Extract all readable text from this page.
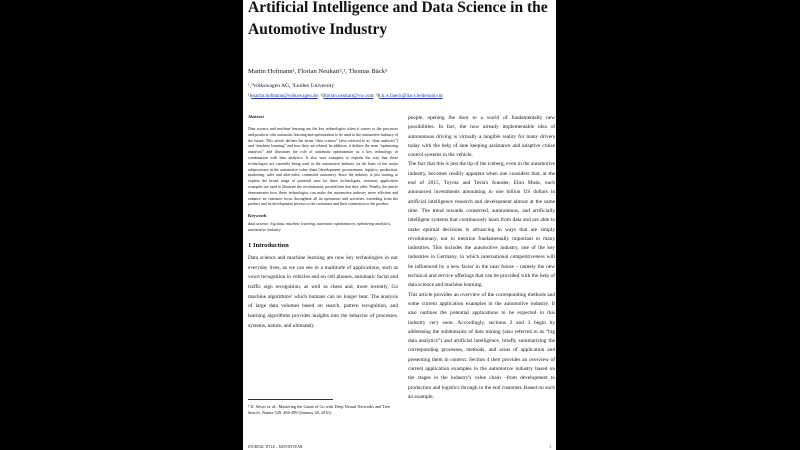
Artificial Intelligence and Data Science in the Automotive Industry
Martin Hofmann¹, Florian Neukart²,³, Thomas Bäck³
¹,²Volkswagen AG, ³Leiden University
¹)martin.hofmann@volkswagen.de; ²)florian.neukart@vw.com; ³)t.h.w.baeck@liacs.leidenuniv.nl
Abstract

Data science and machine learning are the key technologies when it comes to the processes and products with automatic learning and optimization to be used in the automotive industry of the future. This article defines the terms “data science” (also referred to as “data analytics”) and “machine learning” and how they are related. In addition, it defines the term “optimizing analytics” and illustrates the role of automatic optimization as a key technology in combination with data analytics. It also uses examples to explain the way that these technologies are currently being used in the automotive industry on the basis of the major subprocesses in the automotive value chain (development, procurement; logistics, production, marketing, sales and after-sales, connected customer). Since the industry is just starting to explore the broad range of potential uses for these technologies, visionary application examples are used to illustrate the revolutionary possibilities that they offer. Finally, the article demonstrates how these technologies can make the automotive industry more efficient and enhance its customer focus throughout all its operations and activities, extending from the product and its development process to the customers and their connection to the product.

Keywords

data science, big data, machine learning, automatic optimization, optimizing analytics, automotive industry

1 Introduction

Data science and machine learning are now key technologies in our everyday lives, as we can see in a multitude of applications, such as voice recognition in vehicles and on cell phones, automatic facial and traffic sign recognition, as well as chess and, more recently, Go machine algorithms¹ which humans can no longer beat. The analysis of large data volumes based on search, pattern recognition, and learning algorithms provides insights into the behavior of processes, systems, nature, and ultimately

people, opening the door to a world of fundamentally new possibilities. In fact, the now already implementable idea of autonomous driving is virtually a tangible reality for many drivers today with the help of lane keeping assistance and adaptive cruise control systems in the vehicle.

The fact that this is just the tip of the iceberg, even in the automotive industry, becomes readily apparent when one considers that, at the end of 2015, Toyota and Tesla's founder, Elon Musk, each announced investments amounting to one billion US dollars in artificial intelligence research and development almost at the same time. The trend towards connected, autonomous, and artificially intelligent systems that continuously learn from data and are able to make optimal decisions is advancing in ways that are simply revolutionary, not to mention fundamentally important to many industries. This includes the automotive industry, one of the key industries in Germany, in which international competitiveness will be influenced by a new factor in the near future – namely the new technical and service offerings that can be provided with the help of data science and machine learning.

This article provides an overview of the corresponding methods and some current application examples in the automotive industry. It also outlines the potential applications to be expected in this industry very soon. Accordingly, sections 2 and 3 begin by addressing the subdomains of data mining (also referred to as “big data analytics”) and artificial intelligence, briefly summarizing the corresponding processes, methods, and areas of application and presenting them in context. Section 4 then provides an overview of current application examples in the automotive industry based on the stages in the industry's value chain –from development to production and logistics through to the end customer. Based on such an example,

¹ D. Silver et. al.: Mastering the Game of Go with Deep Neural Networks and Tree Search, Nature 529, 484-489 (January 28, 2016).
JOURNAL TITLE – MONTH YEAR	1
